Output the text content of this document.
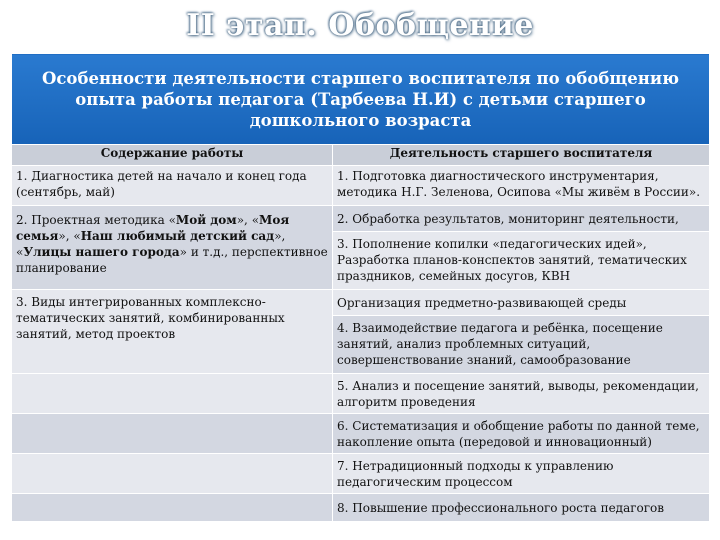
II этап. Обобщение
Особенности деятельности старшего воспитателя по обобщению опыта работы педагога (Тарбеева Н.И) с детьми старшего дошкольного возраста	
Содержание работы	Деятельность старшего воспитателя
1. Диагностика детей на начало и конец года (сентябрь, май)	1. Подготовка диагностического инструментария, методика Н.Г. Зеленова, Осипова «Мы живём в России».
2. Проектная методика «Мой дом», «Моя семья», «Наш любимый детский сад», «Улицы нашего города» и т.д., перспективное планирование	2. Обработка результатов, мониторинг деятельности,
	3. Пополнение копилки «педагогических идей», Разработка планов-конспектов занятий, тематических праздников, семейных досугов, КВН
3. Виды интегрированных комплексно-тематических занятий, комбинированных занятий, метод проектов	Организация предметно-развивающей среды
	4. Взаимодействие педагога и ребёнка, посещение занятий, анализ проблемных ситуаций, совершенствование знаний, самообразование
	5. Анализ и посещение занятий, выводы, рекомендации, алгоритм проведения
	6. Систематизация и обобщение работы по данной теме, накопление опыта (передовой и инновационный)
	7. Нетрадиционный подходы к управлению педагогическим процессом
	8. Повышение профессионального роста педагогов
